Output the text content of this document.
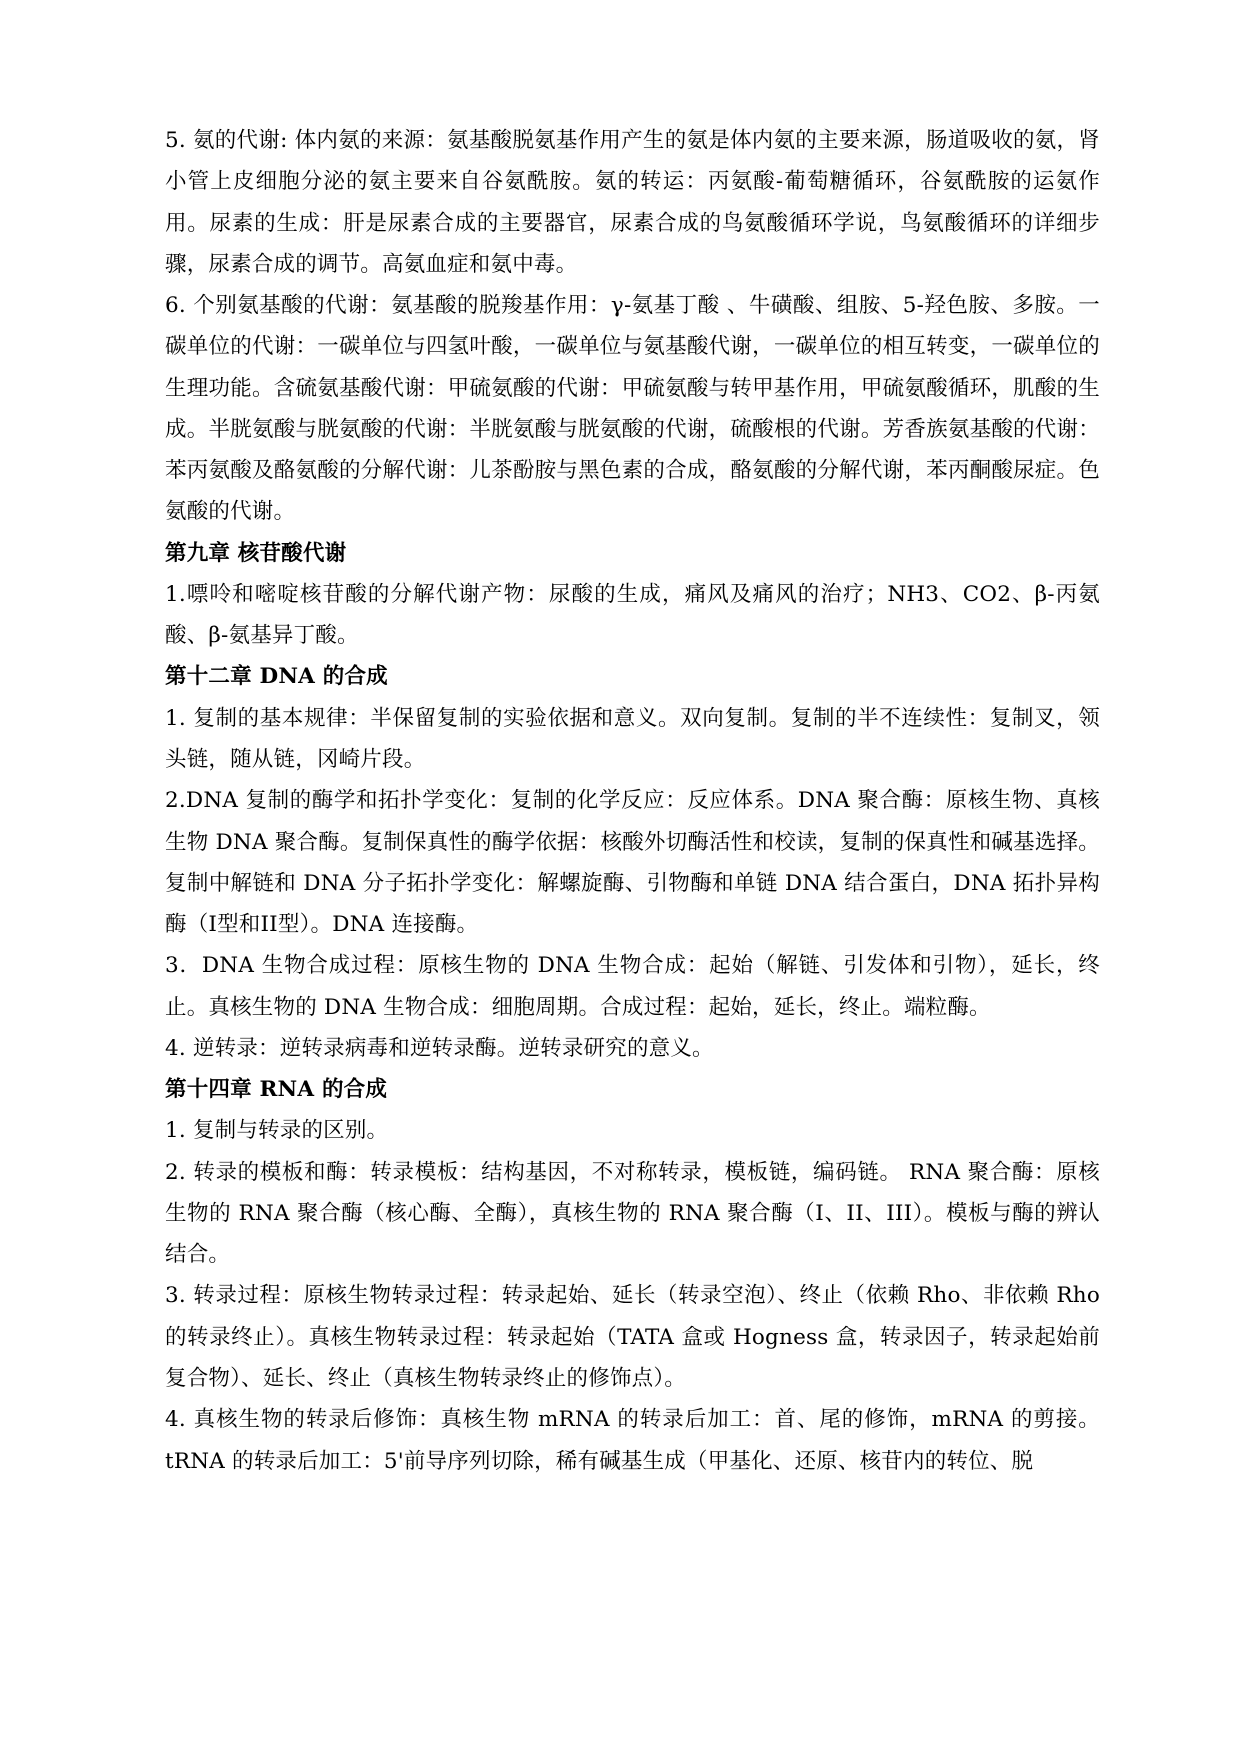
5. 氨的代谢: 体内氨的来源：氨基酸脱氨基作用产生的氨是体内氨的主要来源，肠道吸收的氨，肾小管上皮细胞分泌的氨主要来自谷氨酰胺。氨的转运：丙氨酸-葡萄糖循环，谷氨酰胺的运氨作用。尿素的生成：肝是尿素合成的主要器官，尿素合成的鸟氨酸循环学说，鸟氨酸循环的详细步骤，尿素合成的调节。高氨血症和氨中毒。

6. 个别氨基酸的代谢：氨基酸的脱羧基作用：γ-氨基丁酸 、牛磺酸、组胺、5-羟色胺、多胺。一碳单位的代谢：一碳单位与四氢叶酸，一碳单位与氨基酸代谢，一碳单位的相互转变，一碳单位的生理功能。含硫氨基酸代谢：甲硫氨酸的代谢：甲硫氨酸与转甲基作用，甲硫氨酸循环，肌酸的生成。半胱氨酸与胱氨酸的代谢：半胱氨酸与胱氨酸的代谢，硫酸根的代谢。芳香族氨基酸的代谢：苯丙氨酸及酪氨酸的分解代谢：儿茶酚胺与黑色素的合成，酪氨酸的分解代谢，苯丙酮酸尿症。色氨酸的代谢。

第九章 核苷酸代谢

1.嘌呤和嘧啶核苷酸的分解代谢产物：尿酸的生成，痛风及痛风的治疗；NH3、CO2、β-丙氨酸、β-氨基异丁酸。

第十二章 DNA 的合成

1. 复制的基本规律：半保留复制的实验依据和意义。双向复制。复制的半不连续性：复制叉，领头链，随从链，冈崎片段。

2.DNA 复制的酶学和拓扑学变化：复制的化学反应：反应体系。DNA 聚合酶：原核生物、真核生物 DNA 聚合酶。复制保真性的酶学依据：核酸外切酶活性和校读，复制的保真性和碱基选择。复制中解链和 DNA 分子拓扑学变化：解螺旋酶、引物酶和单链 DNA 结合蛋白，DNA 拓扑异构酶（I型和II型）。DNA 连接酶。

3．DNA 生物合成过程：原核生物的 DNA 生物合成：起始（解链、引发体和引物），延长，终止。真核生物的 DNA 生物合成：细胞周期。合成过程：起始，延长，终止。端粒酶。

4. 逆转录：逆转录病毒和逆转录酶。逆转录研究的意义。

第十四章 RNA 的合成

1. 复制与转录的区别。

2. 转录的模板和酶：转录模板：结构基因，不对称转录，模板链，编码链。 RNA 聚合酶：原核生物的 RNA 聚合酶（核心酶、全酶），真核生物的 RNA 聚合酶（I、II、III）。模板与酶的辨认结合。

3. 转录过程：原核生物转录过程：转录起始、延长（转录空泡）、终止（依赖 Rho、非依赖 Rho 的转录终止）。真核生物转录过程：转录起始（TATA 盒或 Hogness 盒，转录因子，转录起始前复合物）、延长、终止（真核生物转录终止的修饰点）。

4. 真核生物的转录后修饰：真核生物 mRNA 的转录后加工：首、尾的修饰，mRNA 的剪接。tRNA 的转录后加工：5'前导序列切除，稀有碱基生成（甲基化、还原、核苷内的转位、脱
